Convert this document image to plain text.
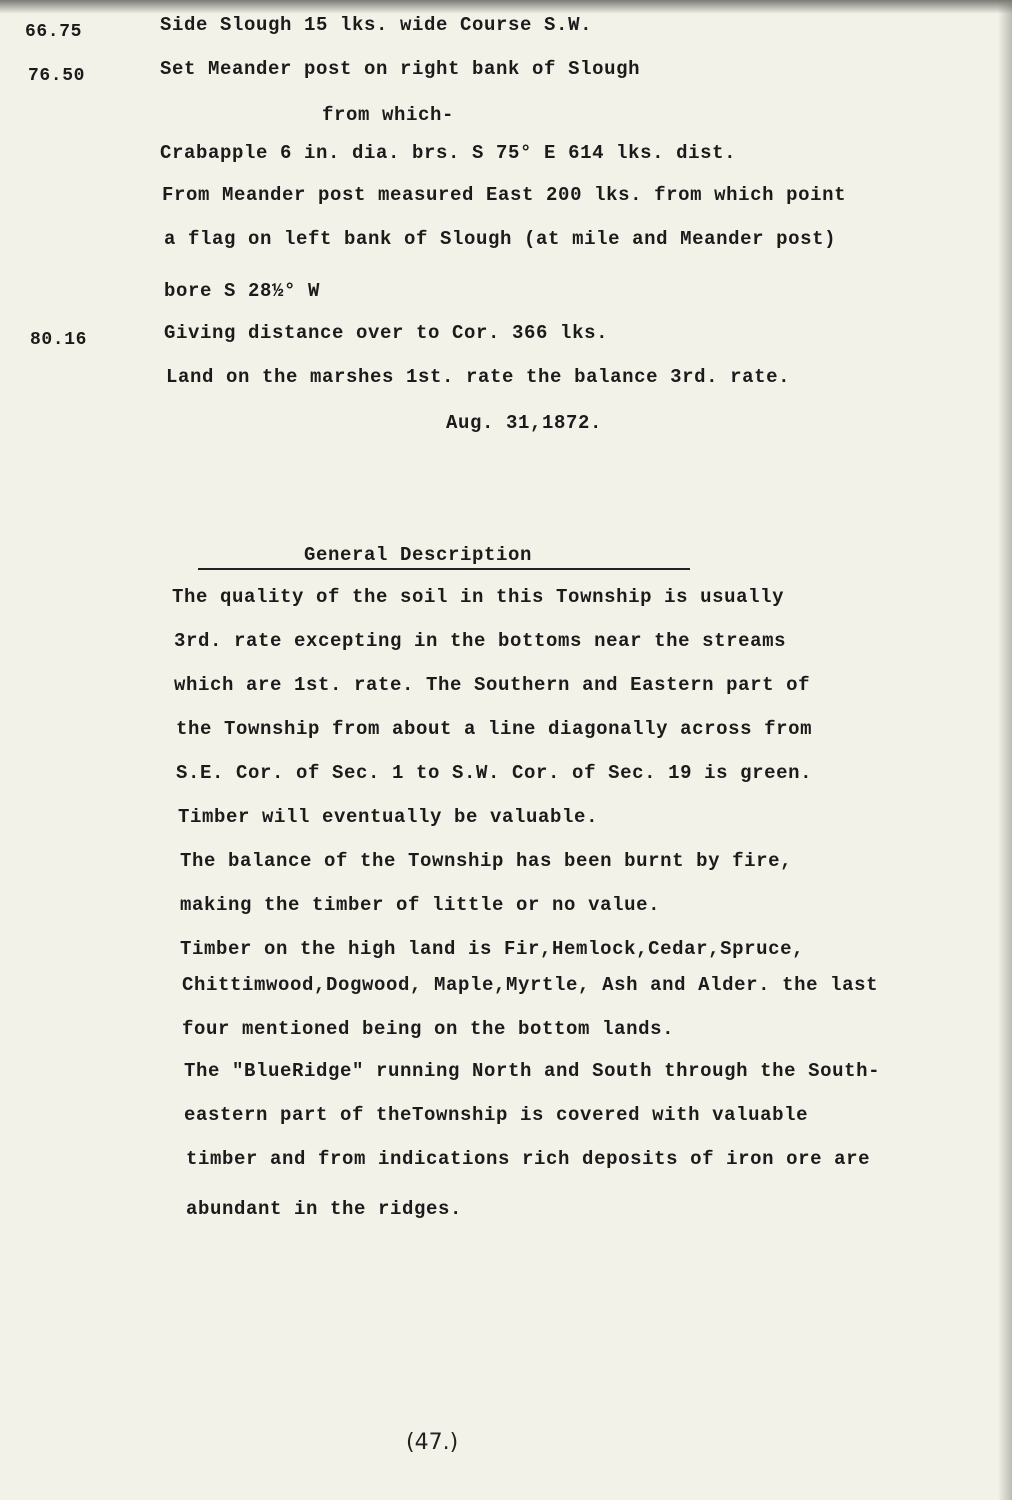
66.75	Side Slough 15 lks. wide Course S.W.
76.50	Set Meander post on right bank of Slough
from which-
Crabapple 6 in. dia. brs. S 75° E 614 lks. dist.
From Meander post measured East 200 lks. from which point
a flag on left bank of Slough (at mile and Meander post)
bore S 28½° W
80.16	Giving distance over to Cor. 366 lks.
Land on the marshes 1st. rate the balance 3rd. rate.
Aug. 31,1872.
General Description
The quality of the soil in this Township is usually
3rd. rate excepting in the bottoms near the streams
which are 1st. rate. The Southern and Eastern part of
the Township from about a line diagonally across from
S.E. Cor. of Sec. 1 to S.W. Cor. of Sec. 19 is green.
Timber will eventually be valuable.
The balance of the Township has been burnt by fire,
making the timber of little or no value.
Timber on the high land is Fir,Hemlock,Cedar,Spruce,
Chittimwood,Dogwood, Maple,Myrtle, Ash and Alder. the last
four mentioned being on the bottom lands.
The "BlueRidge" running North and South through the South-
eastern part of theTownship is covered with valuable
timber and from indications rich deposits of iron ore are
abundant in the ridges.
(47.)
